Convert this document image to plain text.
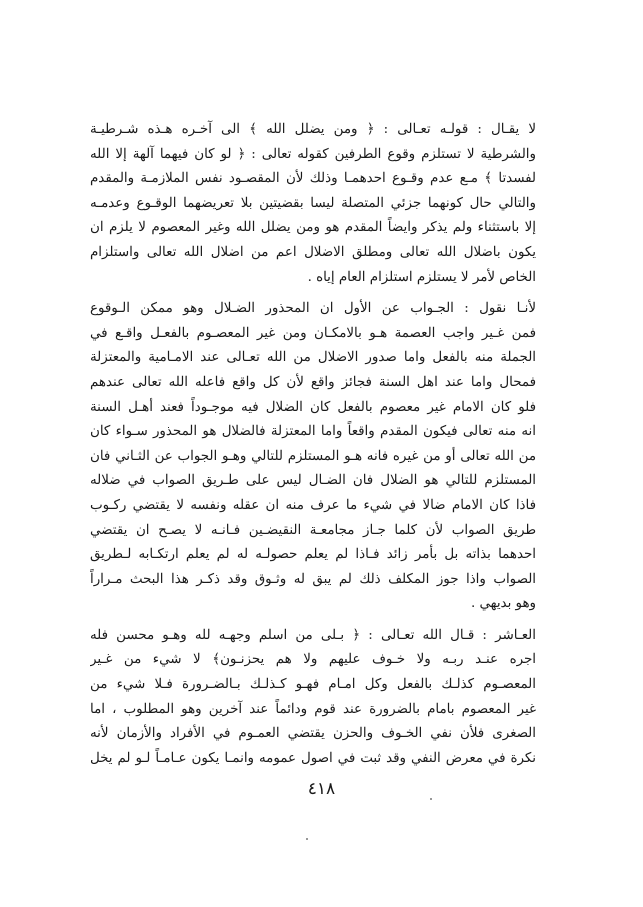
لا يقـال : قولـه تعـالى : ﴿ ومن يضلل الله ﴾ الى آخـره هـذه شـرطيـة
والشرطية لا تستلزم وقوع الطرفين كقوله تعالى : ﴿ لو كان فيهما آلهة إلا الله
لفسدتا ﴾ مـع عدم وقـوع احدهمـا وذلك لأن المقصـود نفس الملازمـة والمقدم
والتالي حال كونهما جزئي المتصلة ليسا بقضيتين بلا تعريضهما الوقـوع وعدمـه
إلا باستثناء ولم يذكر وايضاً المقدم هو ومن يضلل الله وغير المعصوم لا يلزم ان
يكون باضلال الله تعالى ومطلق الاضلال اعم من اضلال الله تعالى واستلزام
الخاص لأمر لا يستلزم استلزام العام إياه .
لأنـا نقول : الجـواب عن الأول ان المحذور الضـلال وهو ممكن الـوقوع
فمن غـير واجب العصمة هـو بالامكـان ومن غير المعصـوم بالفعـل واقـع في
الجملة منه بالفعل واما صدور الاضلال من الله تعـالى عند الامـامية والمعتزلة
فمحال واما عند اهل السنة فجائز واقع لأن كل واقع فاعله الله تعالى عندهم
فلو كان الامام غير معصوم بالفعل كان الضلال فيه موجـوداً فعند أهـل السنة
انه منه تعالى فيكون المقدم واقعاً واما المعتزلة فالضلال هو المحذور سـواء كان
من الله تعالى أو من غيره فانه هـو المستلزم للتالي وهـو الجواب عن الثـاني فان
المستلزم للتالي هو الضلال فان الضـال ليس على طـريق الصواب في ضلاله
فاذا كان الامام ضالا في شيء ما عرف منه ان عقله ونفسه لا يقتضي ركـوب
طريق الصواب لأن كلما جـاز مجامعـة النقيضـين فـانـه لا يصـح ان يقتضي
احدهما بذاته بل بأمر زائد فـاذا لم يعلم حصولـه له لم يعلم ارتكـابه لـطريق
الصواب واذا جوز المكلف ذلك لم يبق له وثـوق وقد ذكـر هذا البحث مـراراً
وهو بديهي .
العـاشر : قـال الله تعـالى : ﴿ بـلى من اسلم وجهـه لله وهـو محسن فله
اجره عنـد ربـه ولا خـوف عليهم ولا هم يحزنـون﴾ لا شيء من غـير
المعصـوم كذلـك بالفعل وكل امـام فهـو كـذلـك بـالضـرورة فـلا شيء من
غير المعصوم بامام بالضرورة عند قوم ودائماً عند آخرين وهو المطلوب ، اما
الصغرى فلأن نفي الخـوف والحزن يقتضي العمـوم في الأفراد والأزمان لأنه
نكرة في معرض النفي وقد ثبت في اصول عمومه وانمـا يكون عـامـاً لـو لم يخل
٤١٨
